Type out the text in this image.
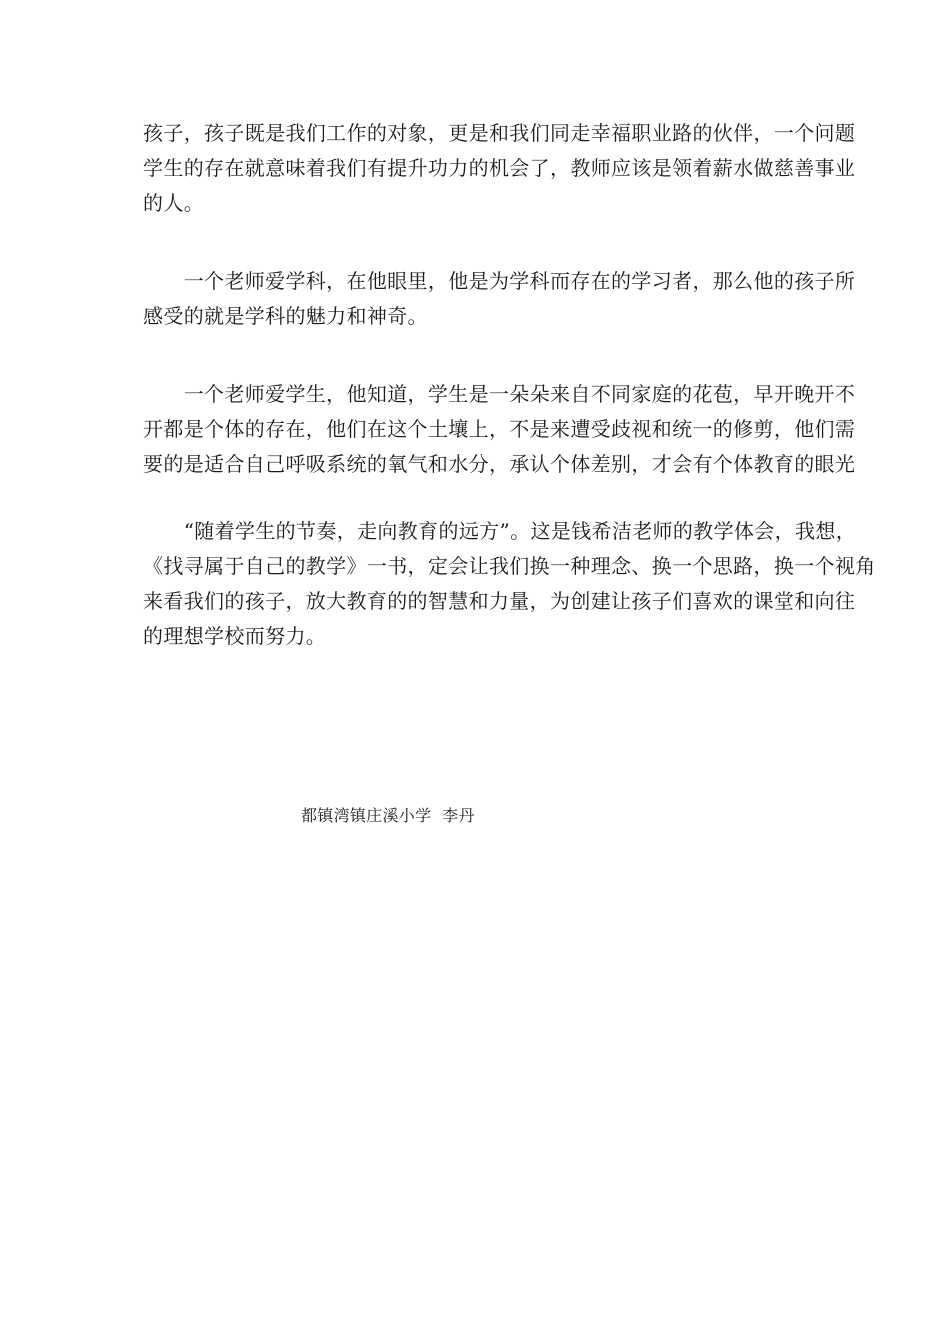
孩子，孩子既是我们工作的对象，更是和我们同走幸福职业路的伙伴，一个问题
学生的存在就意味着我们有提升功力的机会了，教师应该是领着薪水做慈善事业
的人。

　　一个老师爱学科，在他眼里，他是为学科而存在的学习者，那么他的孩子所
感受的就是学科的魅力和神奇。

　　一个老师爱学生，他知道，学生是一朵朵来自不同家庭的花苞，早开晚开不
开都是个体的存在，他们在这个土壤上，不是来遭受歧视和统一的修剪，他们需
要的是适合自己呼吸系统的氧气和水分，承认个体差别，才会有个体教育的眼光

　　“随着学生的节奏，走向教育的远方”。这是钱希洁老师的教学体会，我想，
《找寻属于自己的教学》一书，定会让我们换一种理念、换一个思路，换一个视角
来看我们的孩子，放大教育的的智慧和力量，为创建让孩子们喜欢的课堂和向往
的理想学校而努力。

都镇湾镇庄溪小学  李丹
